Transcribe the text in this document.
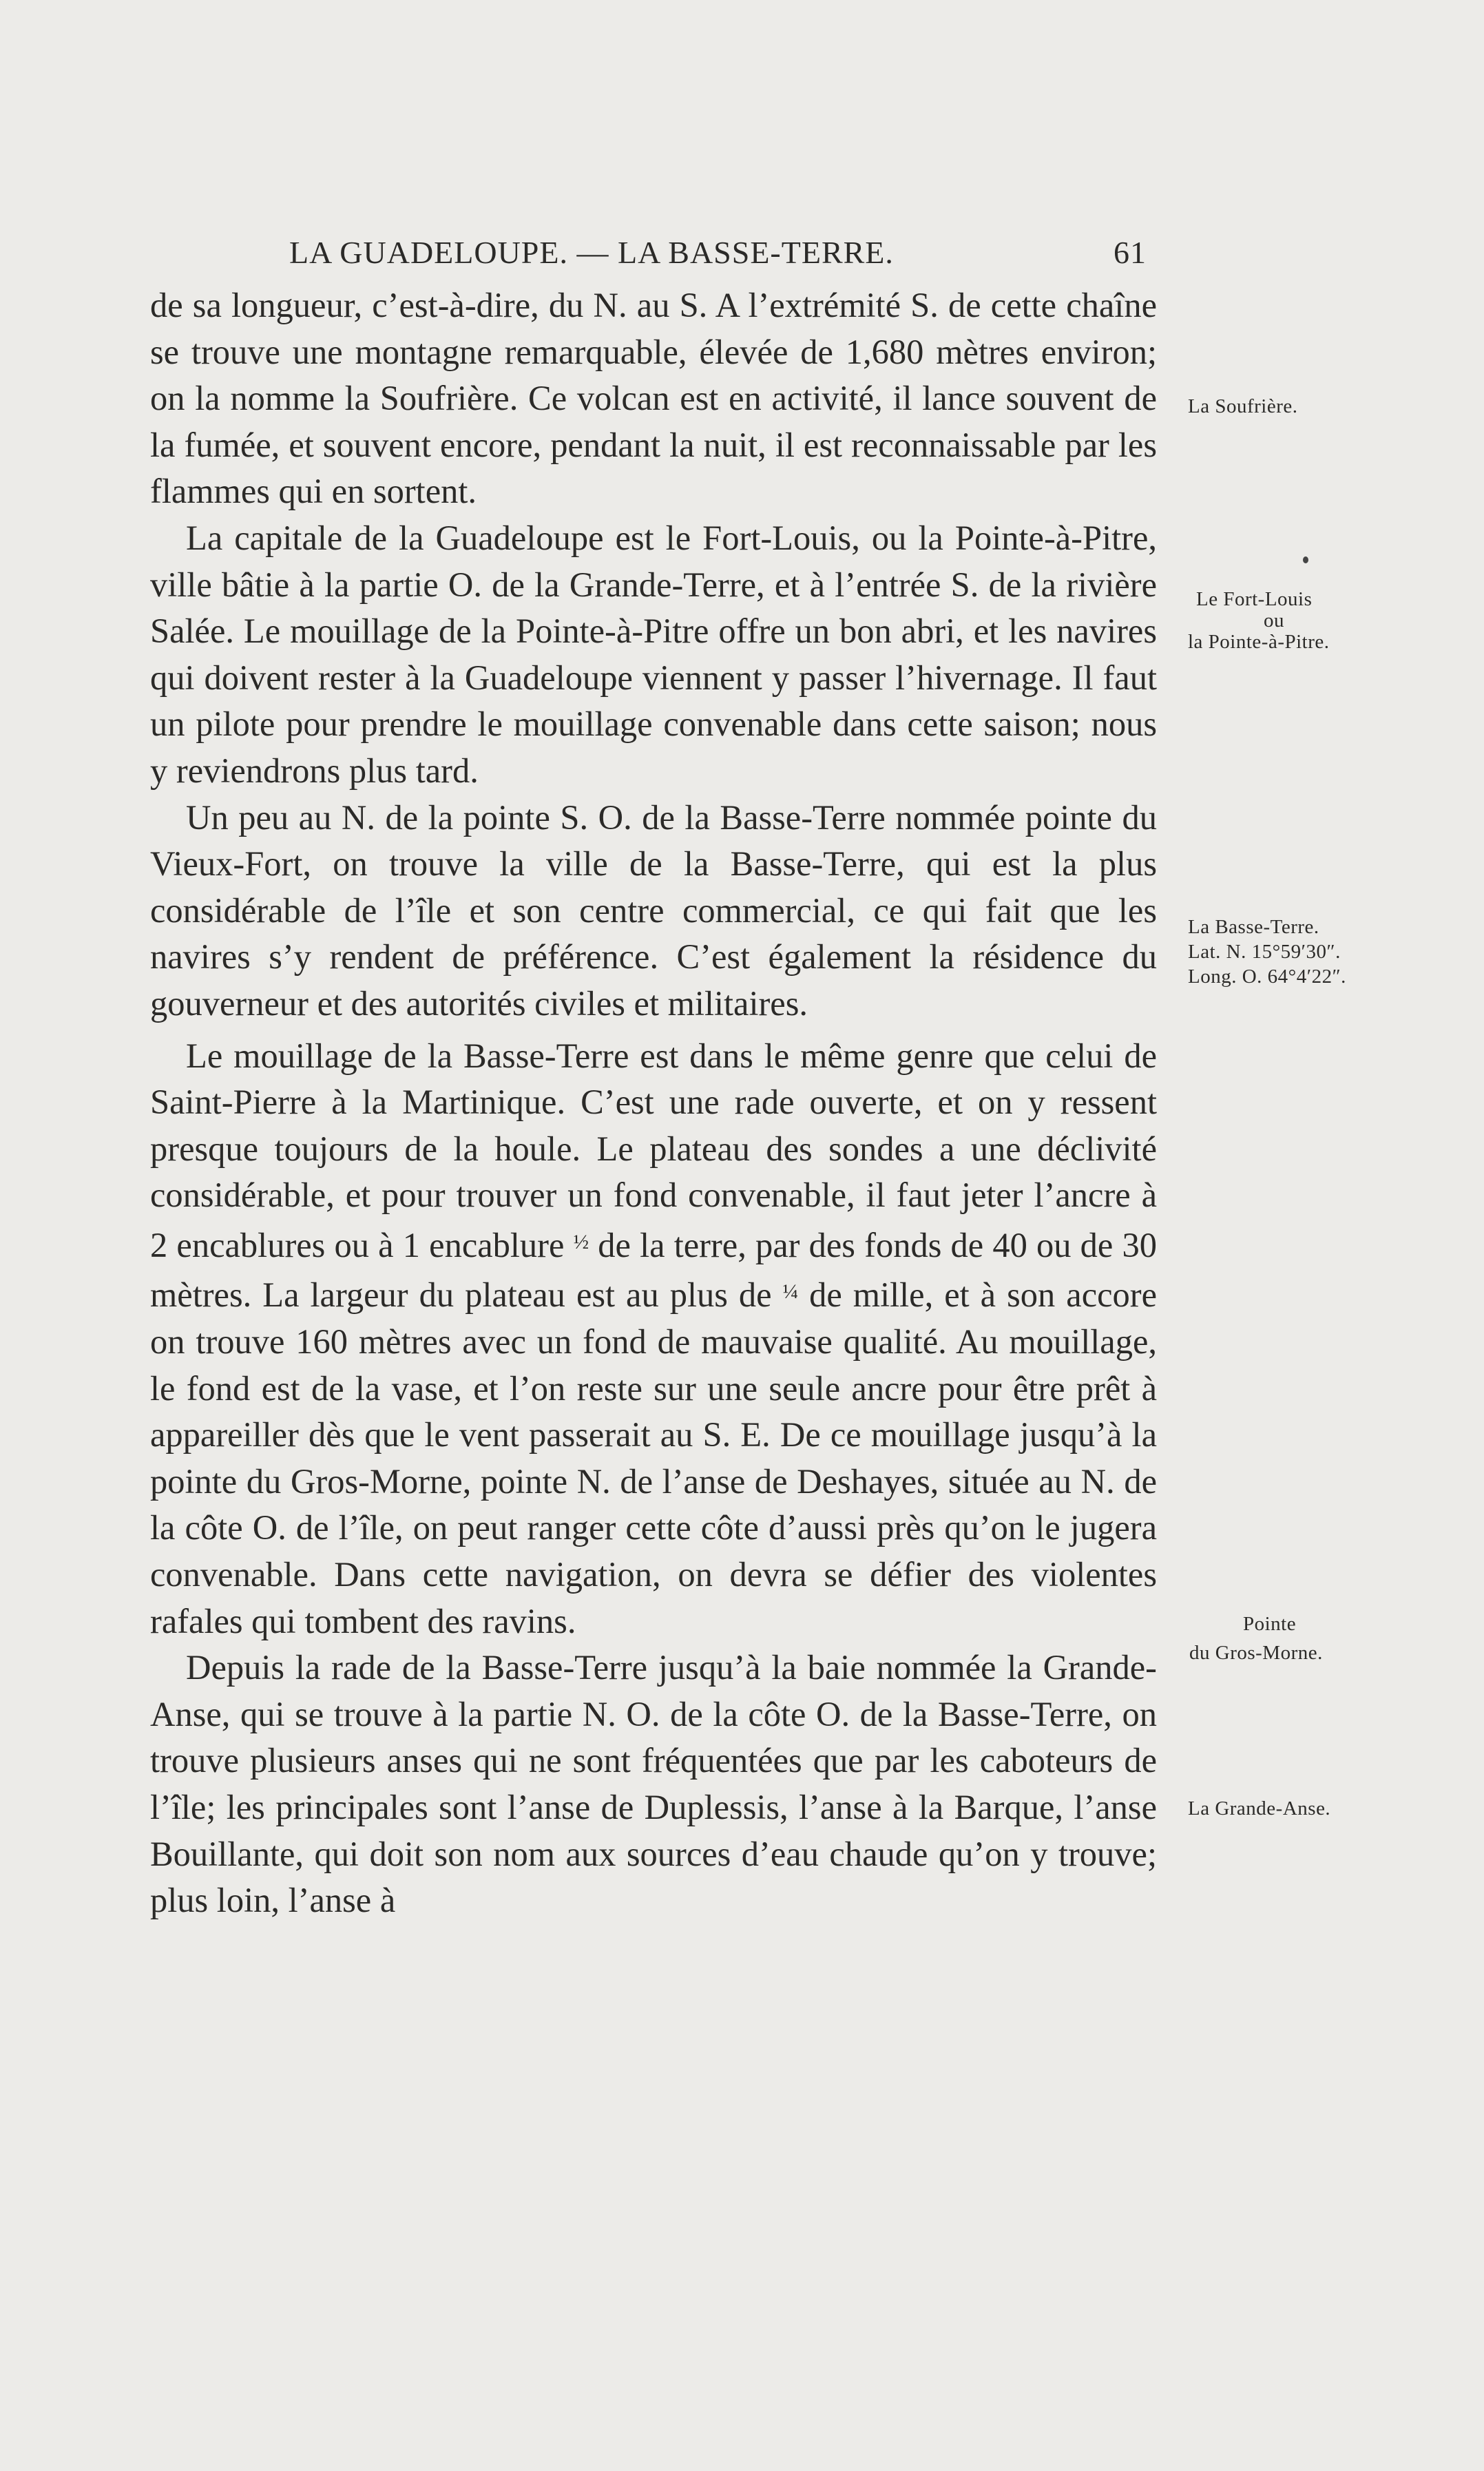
LA GUADELOUPE. — LA BASSE-TERRE.	61

de sa longueur, c’est-à-dire, du N. au S. A l’extrémité S. de cette chaîne se trouve une montagne remarquable, élevée de 1,680 mètres environ; on la nomme la Soufrière. Ce volcan est en activité, il lance souvent de la fumée, et souvent encore, pendant la nuit, il est reconnaissable par les flammes qui en sortent.

La capitale de la Guadeloupe est le Fort-Louis, ou la Pointe-à-Pitre, ville bâtie à la partie O. de la Grande-Terre, et à l’entrée S. de la rivière Salée. Le mouillage de la Pointe-à-Pitre offre un bon abri, et les navires qui doivent rester à la Guadeloupe viennent y passer l’hivernage. Il faut un pilote pour prendre le mouillage convenable dans cette saison; nous y reviendrons plus tard.

Un peu au N. de la pointe S. O. de la Basse-Terre nommée pointe du Vieux-Fort, on trouve la ville de la Basse-Terre, qui est la plus considérable de l’île et son centre commercial, ce qui fait que les navires s’y rendent de préférence. C’est également la résidence du gouverneur et des autorités civiles et militaires.

Le mouillage de la Basse-Terre est dans le même genre que celui de Saint-Pierre à la Martinique. C’est une rade ouverte, et on y ressent presque toujours de la houle. Le plateau des sondes a une déclivité considérable, et pour trouver un fond convenable, il faut jeter l’ancre à 2 encablures ou à 1 encablure $^{\frac{1}{2}}$ de la terre, par des fonds de 40 ou de 30 mètres. La largeur du plateau est au plus de $^{\frac{1}{4}}$ de mille, et à son accore on trouve 160 mètres avec un fond de mauvaise qualité. Au mouillage, le fond est de la vase, et l’on reste sur une seule ancre pour être prêt à appareiller dès que le vent passerait au S. E. De ce mouillage jusqu’à la pointe du Gros-Morne, pointe N. de l’anse de Deshayes, située au N. de la côte O. de l’île, on peut ranger cette côte d’aussi près qu’on le jugera convenable. Dans cette navigation, on devra se défier des violentes rafales qui tombent des ravins.

Depuis la rade de la Basse-Terre jusqu’à la baie nommée la Grande-Anse, qui se trouve à la partie N. O. de la côte O. de la Basse-Terre, on trouve plusieurs anses qui ne sont fréquentées que par les caboteurs de l’île; les principales sont l’anse de Duplessis, l’anse à la Barque, l’anse Bouillante, qui doit son nom aux sources d’eau chaude qu’on y trouve; plus loin, l’anse à

La Soufrière.
Le Fort-Louis
ou
la Pointe-à-Pitre.
La Basse-Terre.
Lat. N. 15°59′30″.
Long. O. 64°4′22″.
Pointe
du Gros-Morne.
La Grande-Anse.
